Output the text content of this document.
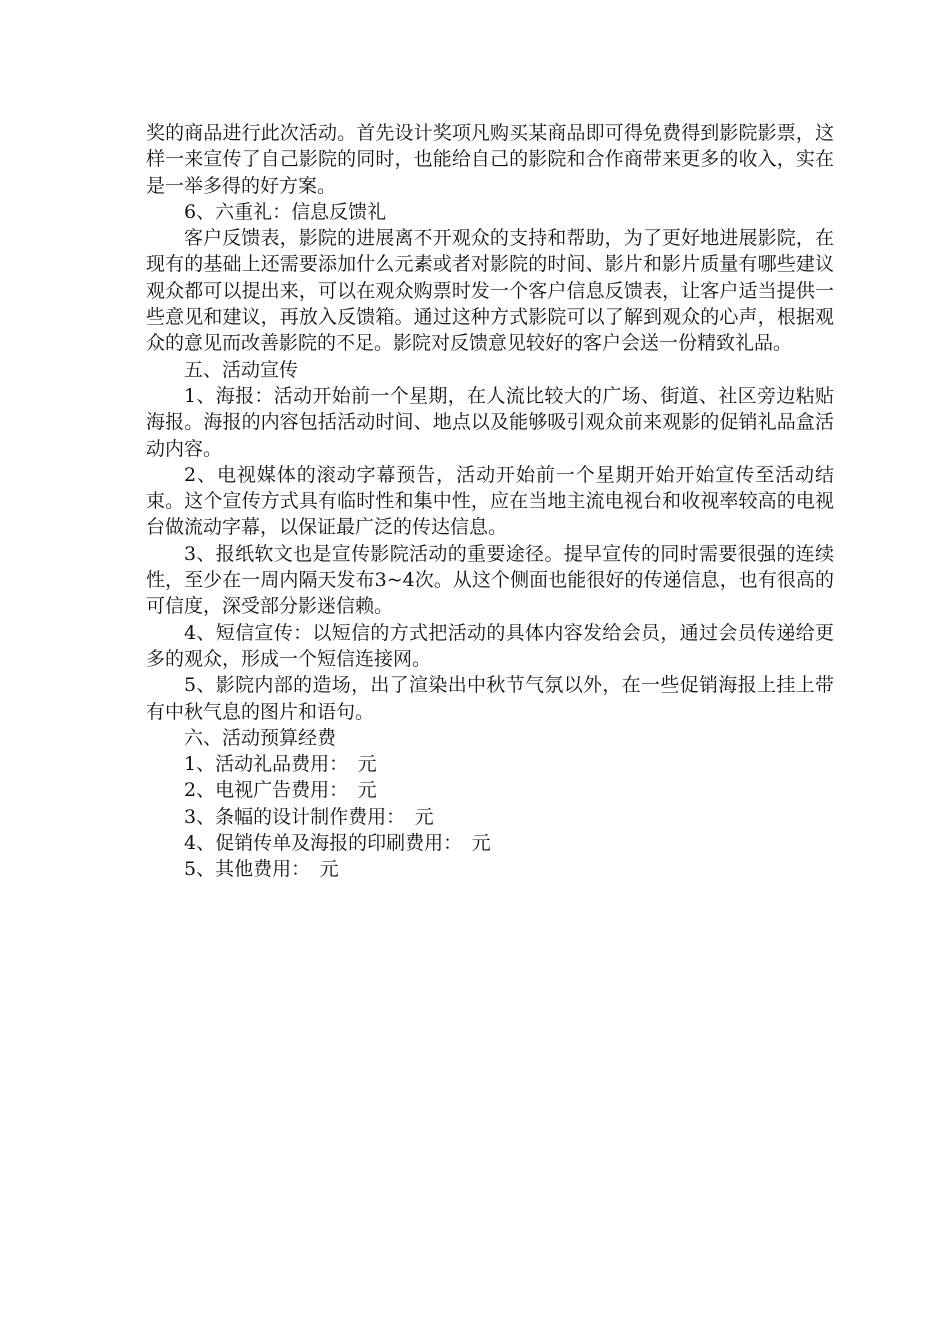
奖的商品进行此次活动。首先设计奖项凡购买某商品即可得免费得到影院影票，这样一来宣传了自己影院的同时，也能给自己的影院和合作商带来更多的收入，实在是一举多得的好方案。

6、六重礼：信息反馈礼

客户反馈表，影院的进展离不开观众的支持和帮助，为了更好地进展影院，在现有的基础上还需要添加什么元素或者对影院的时间、影片和影片质量有哪些建议观众都可以提出来，可以在观众购票时发一个客户信息反馈表，让客户适当提供一些意见和建议，再放入反馈箱。通过这种方式影院可以了解到观众的心声，根据观众的意见而改善影院的不足。影院对反馈意见较好的客户会送一份精致礼品。

五、活动宣传

1、海报：活动开始前一个星期，在人流比较大的广场、街道、社区旁边粘贴海报。海报的内容包括活动时间、地点以及能够吸引观众前来观影的促销礼品盒活动内容。

2、电视媒体的滚动字幕预告，活动开始前一个星期开始开始宣传至活动结束。这个宣传方式具有临时性和集中性，应在当地主流电视台和收视率较高的电视台做流动字幕，以保证最广泛的传达信息。

3、报纸软文也是宣传影院活动的重要途径。提早宣传的同时需要很强的连续性，至少在一周内隔天发布3~4次。从这个侧面也能很好的传递信息，也有很高的可信度，深受部分影迷信赖。

4、短信宣传：以短信的方式把活动的具体内容发给会员，通过会员传递给更多的观众，形成一个短信连接网。

5、影院内部的造场，出了渲染出中秋节气氛以外，在一些促销海报上挂上带有中秋气息的图片和语句。

六、活动预算经费

1、活动礼品费用： 元

2、电视广告费用： 元

3、条幅的设计制作费用： 元

4、促销传单及海报的印刷费用： 元

5、其他费用： 元
